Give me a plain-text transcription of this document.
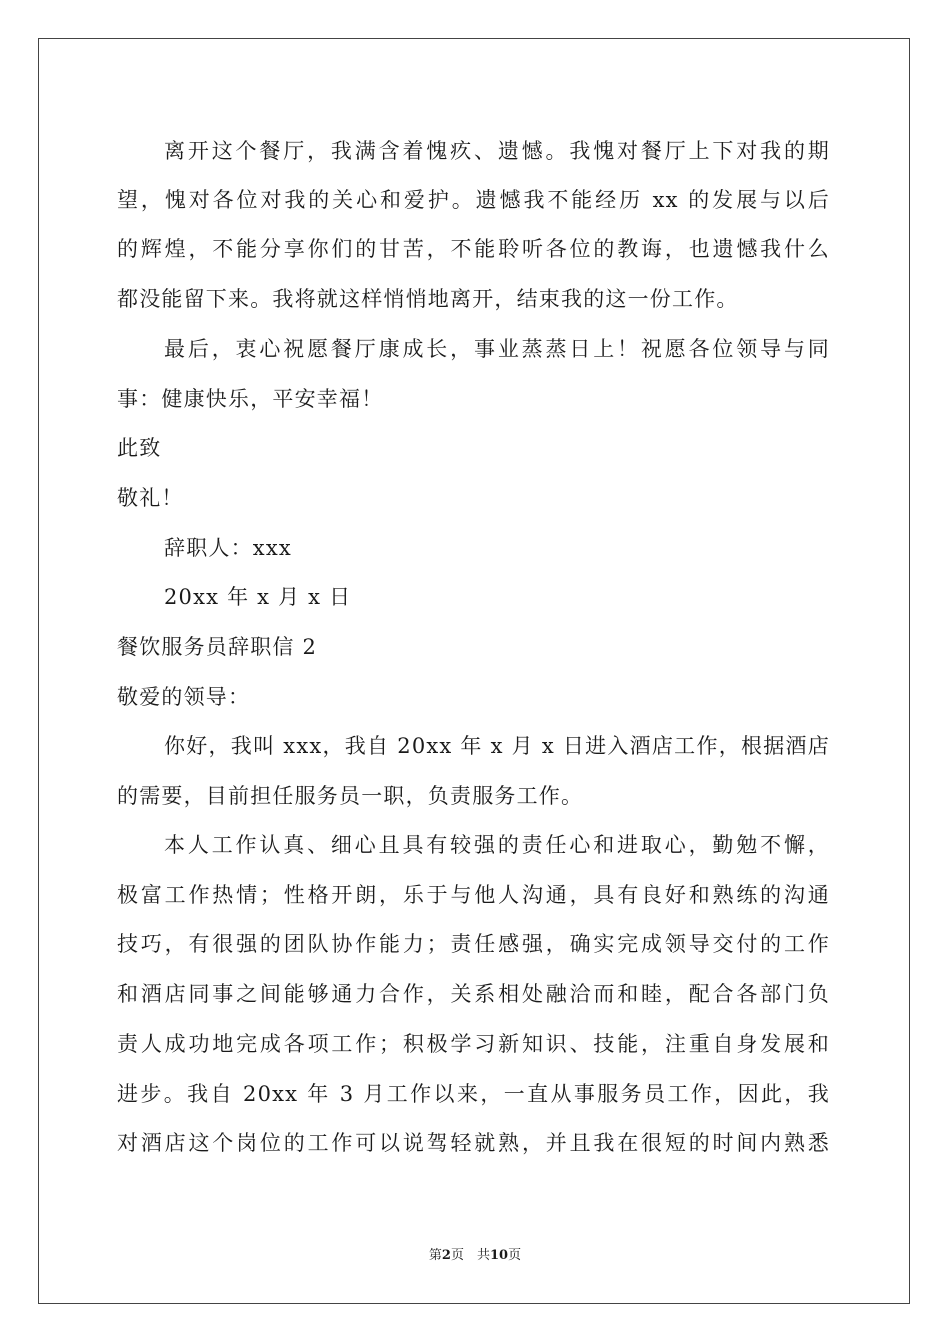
离开这个餐厅，我满含着愧疚、遗憾。我愧对餐厅上下对我的期
望，愧对各位对我的关心和爱护。遗憾我不能经历 xx 的发展与以后
的辉煌，不能分享你们的甘苦，不能聆听各位的教诲，也遗憾我什么
都没能留下来。我将就这样悄悄地离开，结束我的这一份工作。
最后，衷心祝愿餐厅康成长，事业蒸蒸日上！祝愿各位领导与同
事：健康快乐，平安幸福！
此致
敬礼！
辞职人：xxx
20xx 年 x 月 x 日
餐饮服务员辞职信 2
敬爱的领导：
你好，我叫 xxx，我自 20xx 年 x 月 x 日进入酒店工作，根据酒店
的需要，目前担任服务员一职，负责服务工作。
本人工作认真、细心且具有较强的责任心和进取心，勤勉不懈，
极富工作热情；性格开朗，乐于与他人沟通，具有良好和熟练的沟通
技巧，有很强的团队协作能力；责任感强，确实完成领导交付的工作
和酒店同事之间能够通力合作，关系相处融洽而和睦，配合各部门负
责人成功地完成各项工作；积极学习新知识、技能，注重自身发展和
进步。我自 20xx 年 3 月工作以来，一直从事服务员工作，因此，我
对酒店这个岗位的工作可以说驾轻就熟，并且我在很短的时间内熟悉
第2页　共10页
